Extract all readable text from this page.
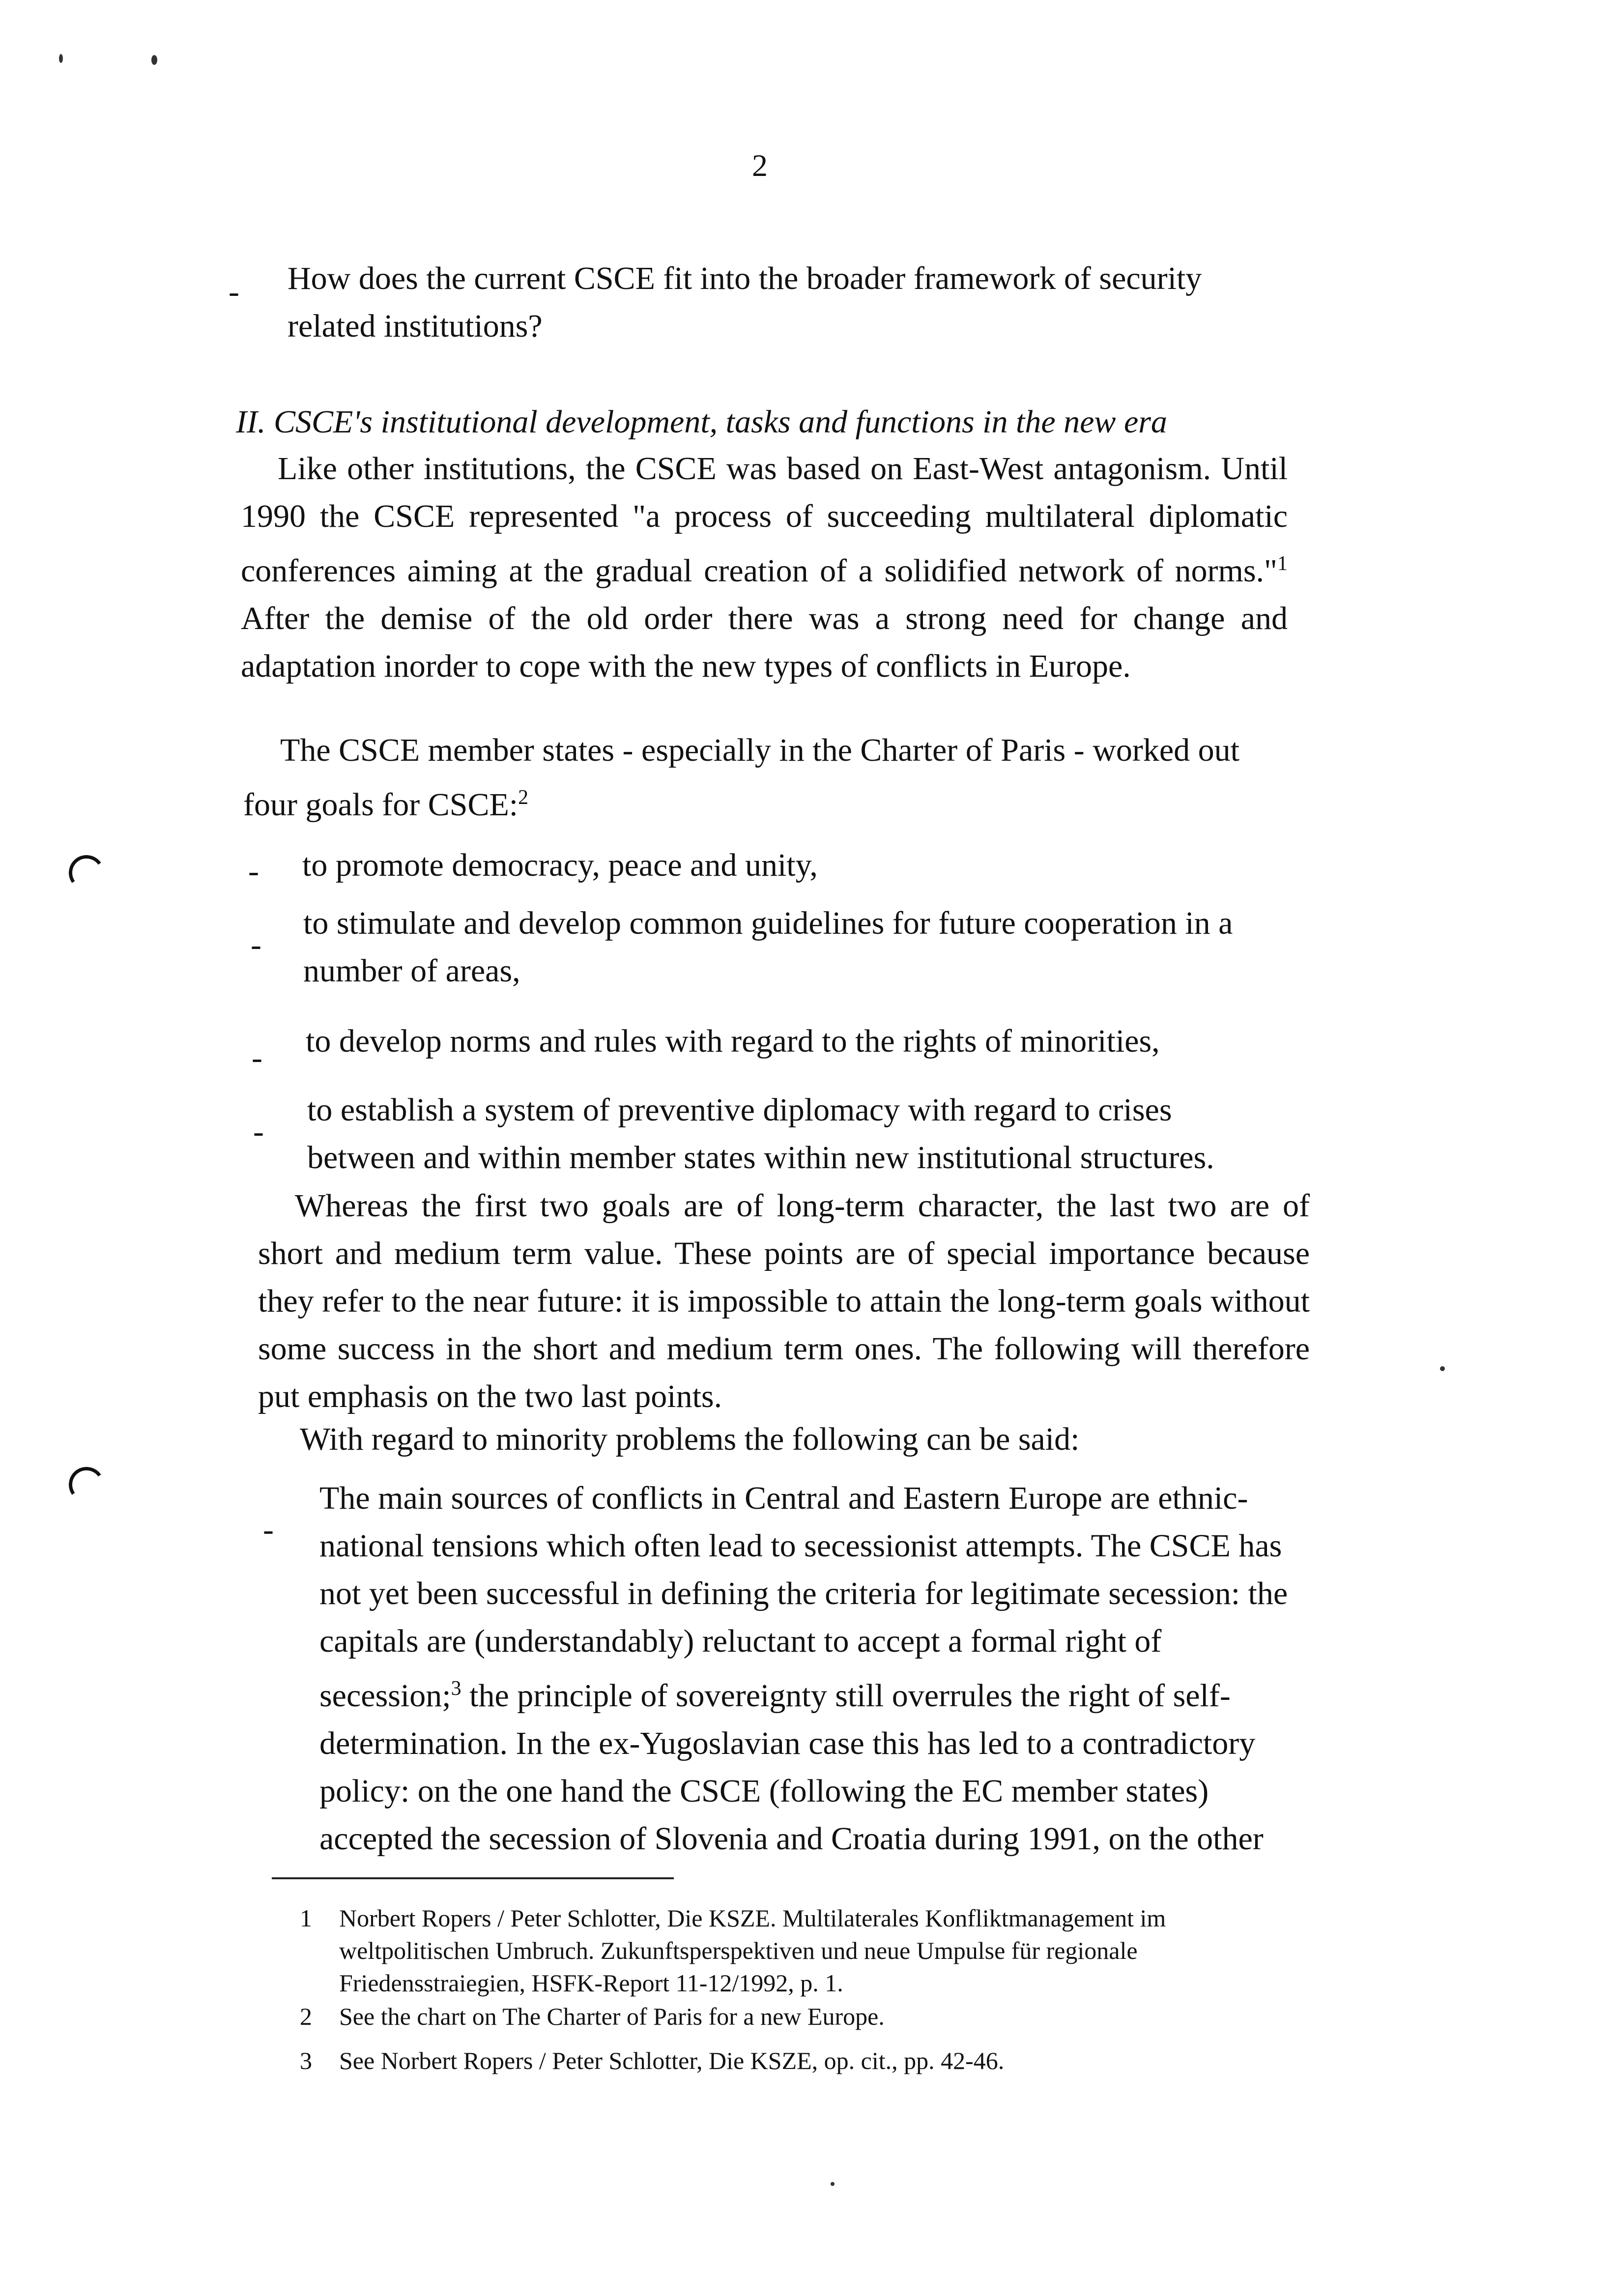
2
- How does the current CSCE fit into the broader framework of security related institutions?
II. CSCE's institutional development, tasks and functions in the new era

Like other institutions, the CSCE was based on East-West antagonism. Until 1990 the CSCE represented "a process of succeeding multilateral diplomatic conferences aiming at the gradual creation of a solidified network of norms."$^1$ After the demise of the old order there was a strong need for change and adaptation inorder to cope with the new types of conflicts in Europe.

The CSCE member states - especially in the Charter of Paris - worked out four goals for CSCE:$^2$

- to promote democracy, peace and unity,
-
to stimulate and develop common guidelines for future cooperation in a number of areas,
- to develop norms and rules with regard to the rights of minorities,
-
to establish a system of preventive diplomacy with regard to crises between and within member states within new institutional structures.

Whereas the first two goals are of long-term character, the last two are of short and medium term value. These points are of special importance because they refer to the near future: it is impossible to attain the long-term goals without some success in the short and medium term ones. The following will therefore put emphasis on the two last points.

With regard to minority problems the following can be said:

-

The main sources of conflicts in Central and Eastern Europe are ethnic-national tensions which often lead to secessionist attempts. The CSCE has not yet been successful in defining the criteria for legitimate secession: the capitals are (understandably) reluctant to accept a formal right of secession;$^3$ the principle of sovereignty still overrules the right of self-determination. In the ex-Yugoslavian case this has led to a contradictory policy: on the one hand the CSCE (following the EC member states) accepted the secession of Slovenia and Croatia during 1991, on the other

1 Norbert Ropers / Peter Schlotter, Die KSZE. Multilaterales Konfliktmanagement im weltpolitischen Umbruch. Zukunftsperspektiven und neue Umpulse für regionale Friedensstraiegien, HSFK-Report 11-12/1992, p. 1.
2 See the chart on The Charter of Paris for a new Europe.
3 See Norbert Ropers / Peter Schlotter, Die KSZE, op. cit., pp. 42-46.
